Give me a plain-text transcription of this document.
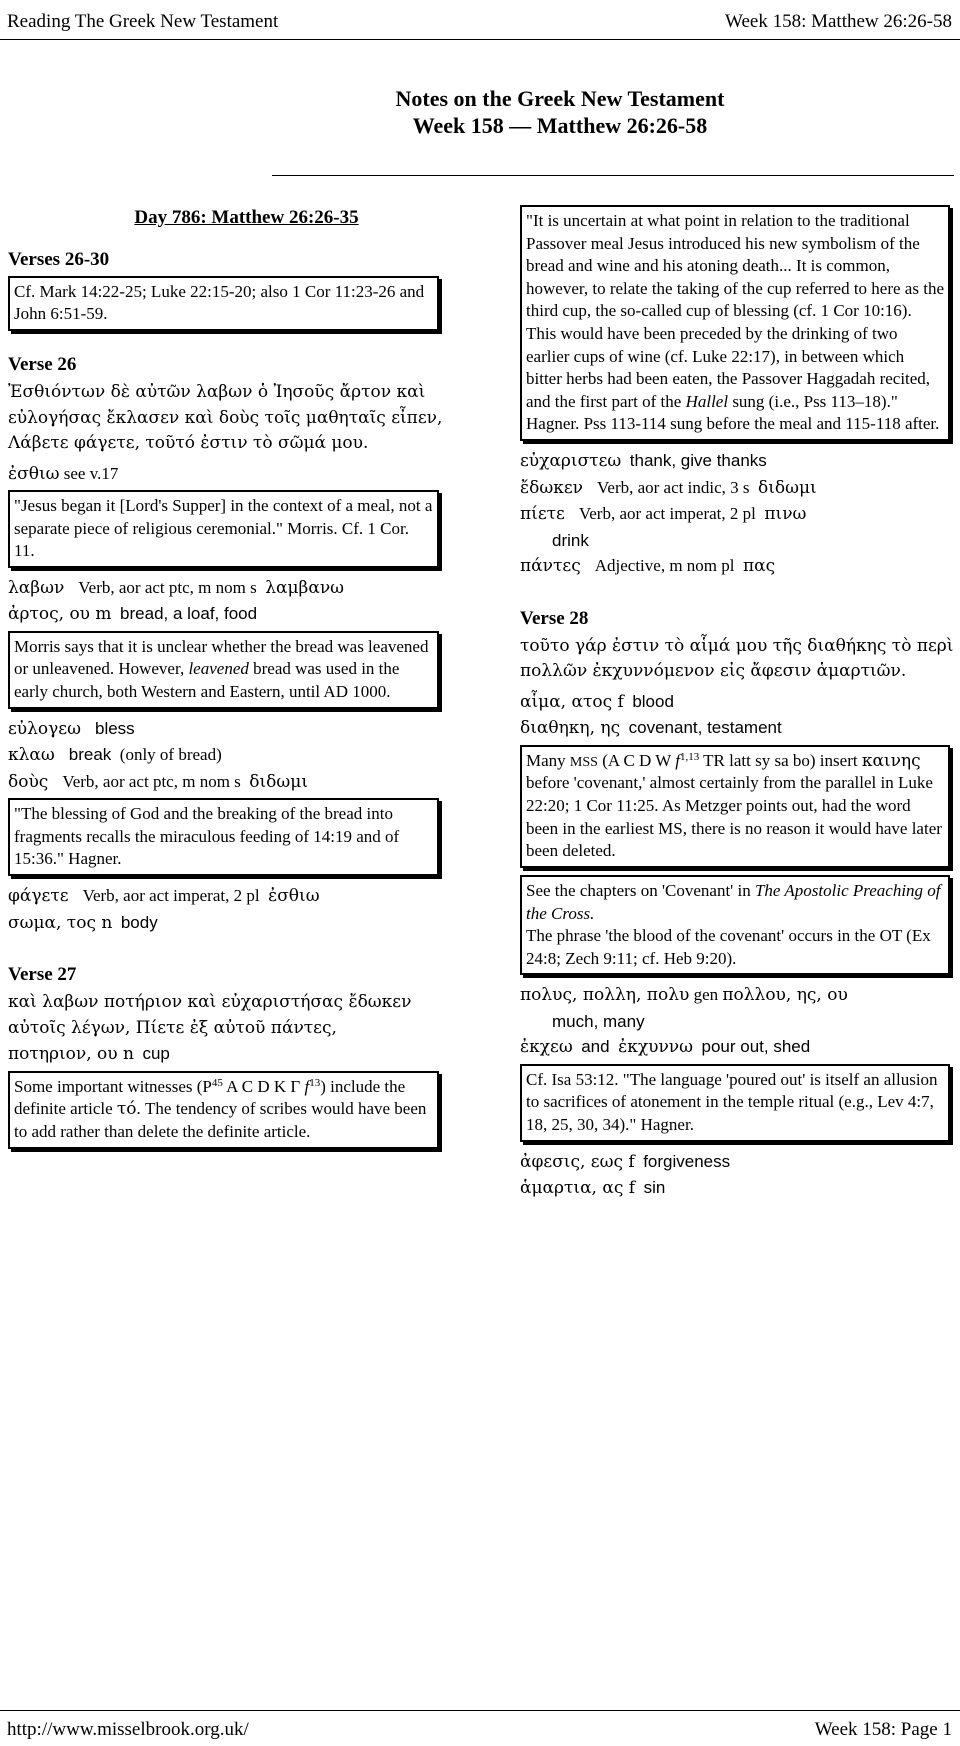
Reading The Greek New Testament	Week 158: Matthew 26:26-58
Notes on the Greek New Testament
Week 158 — Matthew 26:26-58
Day 786: Matthew 26:26-35
Verses 26-30
Cf. Mark 14:22-25; Luke 22:15-20; also 1 Cor 11:23-26 and John 6:51-59.
Verse 26
Ἐσθιόντων δὲ αὐτῶν λαβων ὁ Ἰησοῦς ἄρτον καὶ εὐλογήσας ἔκλασεν καὶ δοὺς τοῖς μαθηταῖς εἶπεν, Λάβετε φάγετε, τοῦτό ἐστιν τὸ σῶμά μου.
ἐσθιω see v.17
"Jesus began it [Lord's Supper] in the context of a meal, not a separate piece of religious ceremonial." Morris. Cf. 1 Cor. 11.
λαβων Verb, aor act ptc, m nom s λαμβανω
ἀρτος, ου m bread, a loaf, food
Morris says that it is unclear whether the bread was leavened or unleavened. However, leavened bread was used in the early church, both Western and Eastern, until AD 1000.
εὐλογεω bless
κλαω break (only of bread)
δοὺς Verb, aor act ptc, m nom s διδωμι
"The blessing of God and the breaking of the bread into fragments recalls the miraculous feeding of 14:19 and of 15:36." Hagner.
φάγετε Verb, aor act imperat, 2 pl ἐσθιω
σωμα, τος n body
Verse 27
καὶ λαβων ποτήριον καὶ εὐχαριστήσας ἔδωκεν αὐτοῖς λέγων, Πίετε ἐξ αὐτοῦ πάντες,
ποτηριον, ου n cup
Some important witnesses ($P^{45}$ A C D K Γ $f^{13}$) include the definite article τό. The tendency of scribes would have been to add rather than delete the definite article.
"It is uncertain at what point in relation to the traditional Passover meal Jesus introduced his new symbolism of the bread and wine and his atoning death... It is common, however, to relate the taking of the cup referred to here as the third cup, the so-called cup of blessing (cf. 1 Cor 10:16). This would have been preceded by the drinking of two earlier cups of wine (cf. Luke 22:17), in between which bitter herbs had been eaten, the Passover Haggadah recited, and the first part of the Hallel sung (i.e., Pss 113–18)." Hagner. Pss 113-114 sung before the meal and 115-118 after.
εὐχαριστεω thank, give thanks
ἔδωκεν Verb, aor act indic, 3 s διδωμι
πίετε Verb, aor act imperat, 2 pl πινω
drink
πάντες Adjective, m nom pl πας
Verse 28
τοῦτο γάρ ἐστιν τὸ αἷμά μου τῆς διαθήκης τὸ περὶ πολλῶν ἐκχυννόμενον εἰς ἄφεσιν ἁμαρτιῶν.
αἷμα, ατος f blood
διαθηκη, ης covenant, testament
Many MSS (A C D W $f^{1,13}$ TR latt sy sa bo) insert καινης before 'covenant,' almost certainly from the parallel in Luke 22:20; 1 Cor 11:25. As Metzger points out, had the word been in the earliest MS, there is no reason it would have later been deleted.
See the chapters on 'Covenant' in The Apostolic Preaching of the Cross.
The phrase 'the blood of the covenant' occurs in the OT (Ex 24:8; Zech 9:11; cf. Heb 9:20).
πολυς, πολλη, πολυ gen πολλου, ης, ου
much, many
ἐκχεω and ἐκχυννω pour out, shed
Cf. Isa 53:12. "The language 'poured out' is itself an allusion to sacrifices of atonement in the temple ritual (e.g., Lev 4:7, 18, 25, 30, 34)." Hagner.
ἀφεσις, εως f forgiveness
ἁμαρτια, ας f sin
http://www.misselbrook.org.uk/	Week 158: Page 1
